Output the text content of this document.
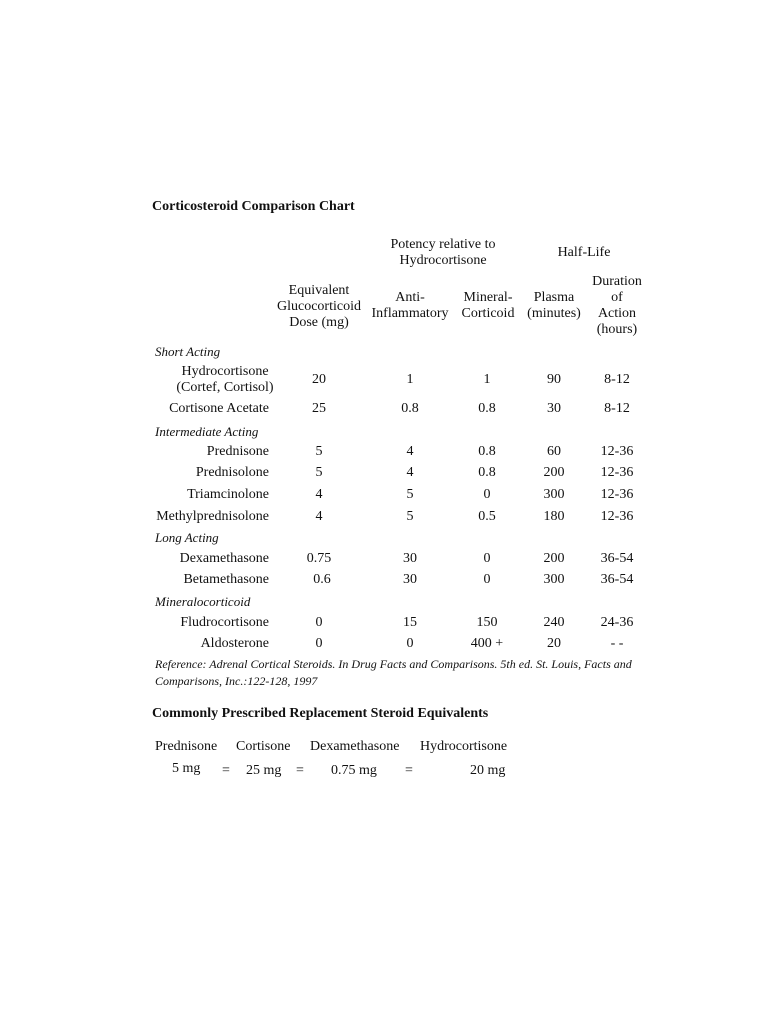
Corticosteroid Comparison Chart
Potency relative to
Hydrocortisone
Half-Life
Equivalent
Glucocorticoid
Dose (mg)
Anti-
Inflammatory
Mineral-
Corticoid
Plasma
(minutes)
Duration
of
Action
(hours)
Short Acting
Hydrocortisone
(Cortef, Cortisol)
20	1	1	90	8-12
Cortisone Acetate	25	0.8	0.8	30	8-12
Intermediate Acting
Prednisone	5	4	0.8	60	12-36
Prednisolone	5	4	0.8	200	12-36
Triamcinolone	4	5	0	300	12-36
Methylprednisolone	4	5	0.5	180	12-36
Long Acting
Dexamethasone	0.75	30	0	200	36-54
Betamethasone	0.6	30	0	300	36-54
Mineralocorticoid
Fludrocortisone	0	15	150	240	24-36
Aldosterone	0	0	400 +	20	- -
Reference: Adrenal Cortical Steroids. In Drug Facts and Comparisons. 5th ed. St. Louis, Facts and Comparisons, Inc.:122-128, 1997
Commonly Prescribed Replacement Steroid Equivalents
Prednisone Cortisone Dexamethasone Hydrocortisone
5 mg = 25 mg = 0.75 mg =	20 mg
